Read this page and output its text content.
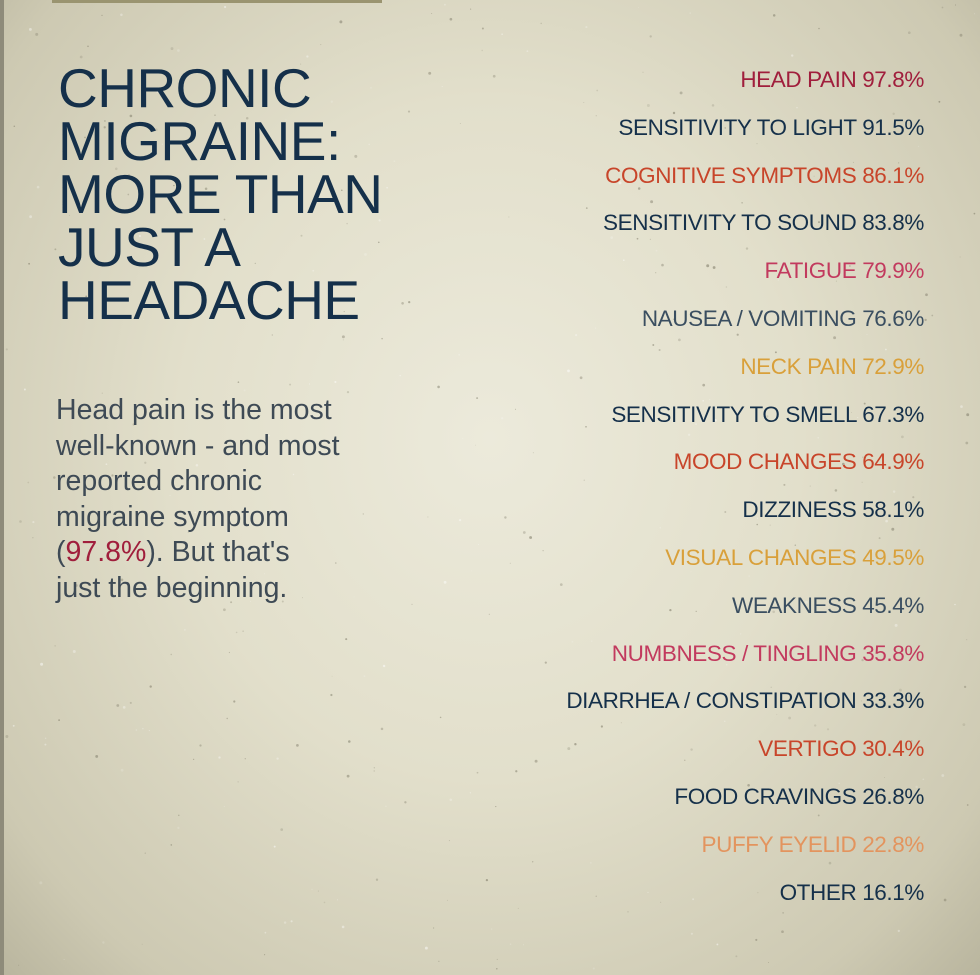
CHRONIC
MIGRAINE:
MORE THAN
JUST A
HEADACHE
Head pain is the most
well-known - and most
reported chronic
migraine symptom
(97.8%). But that's
just the beginning.
HEAD PAIN 97.8%
SENSITIVITY TO LIGHT 91.5%
COGNITIVE SYMPTOMS 86.1%
SENSITIVITY TO SOUND 83.8%
FATIGUE 79.9%
NAUSEA / VOMITING 76.6%
NECK PAIN 72.9%
SENSITIVITY TO SMELL 67.3%
MOOD CHANGES 64.9%
DIZZINESS 58.1%
VISUAL CHANGES 49.5%
WEAKNESS 45.4%
NUMBNESS / TINGLING 35.8%
DIARRHEA / CONSTIPATION 33.3%
VERTIGO 30.4%
FOOD CRAVINGS 26.8%
PUFFY EYELID 22.8%
OTHER 16.1%
